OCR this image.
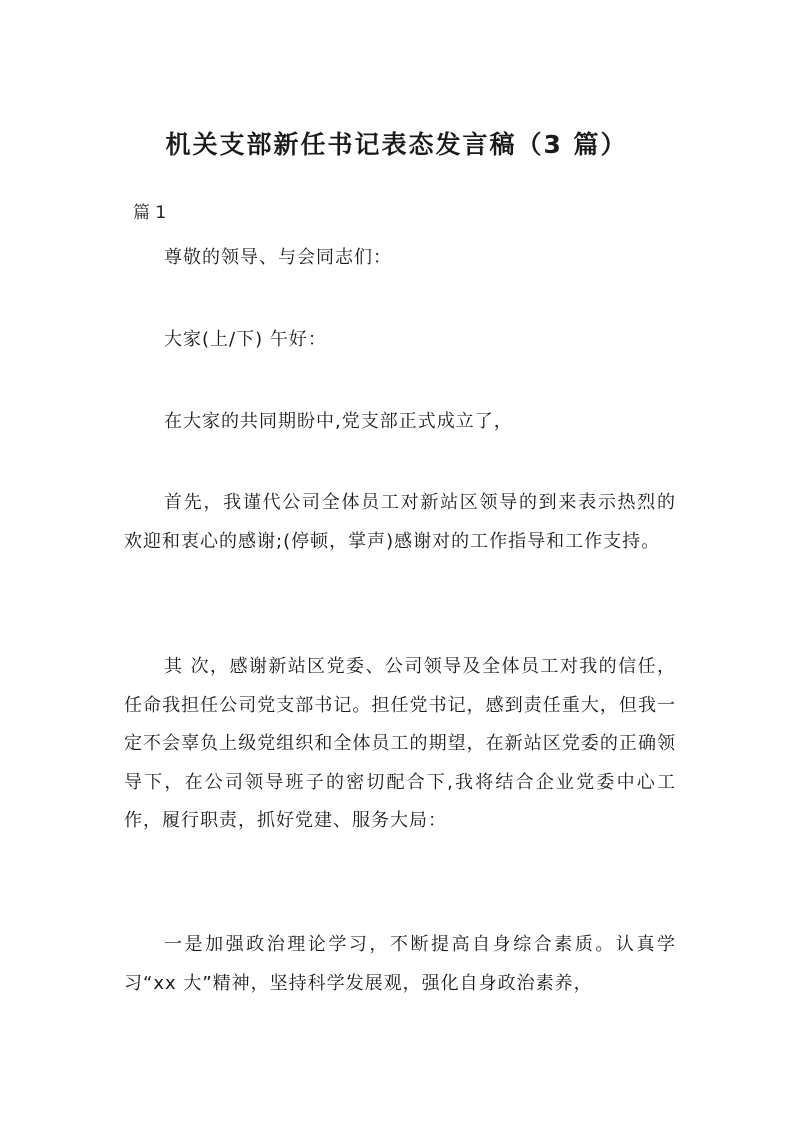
机关支部新任书记表态发言稿（3 篇）
篇 1

尊敬的领导、与会同志们：

大家(上/下) 午好：

在大家的共同期盼中,党支部正式成立了，

首先，我谨代公司全体员工对新站区领导的到来表示热烈的欢迎和衷心的感谢;(停顿，掌声)感谢对的工作指导和工作支持。

其 次，感谢新站区党委、公司领导及全体员工对我的信任，任命我担任公司党支部书记。担任党书记，感到责任重大，但我一定不会辜负上级党组织和全体员工的期望，在新站区党委的正确领导下，在公司领导班子的密切配合下,我将结合企业党委中心工作，履行职责，抓好党建、服务大局：

一是加强政治理论学习，不断提高自身综合素质。认真学习“xx 大”精神，坚持科学发展观，强化自身政治素养，
